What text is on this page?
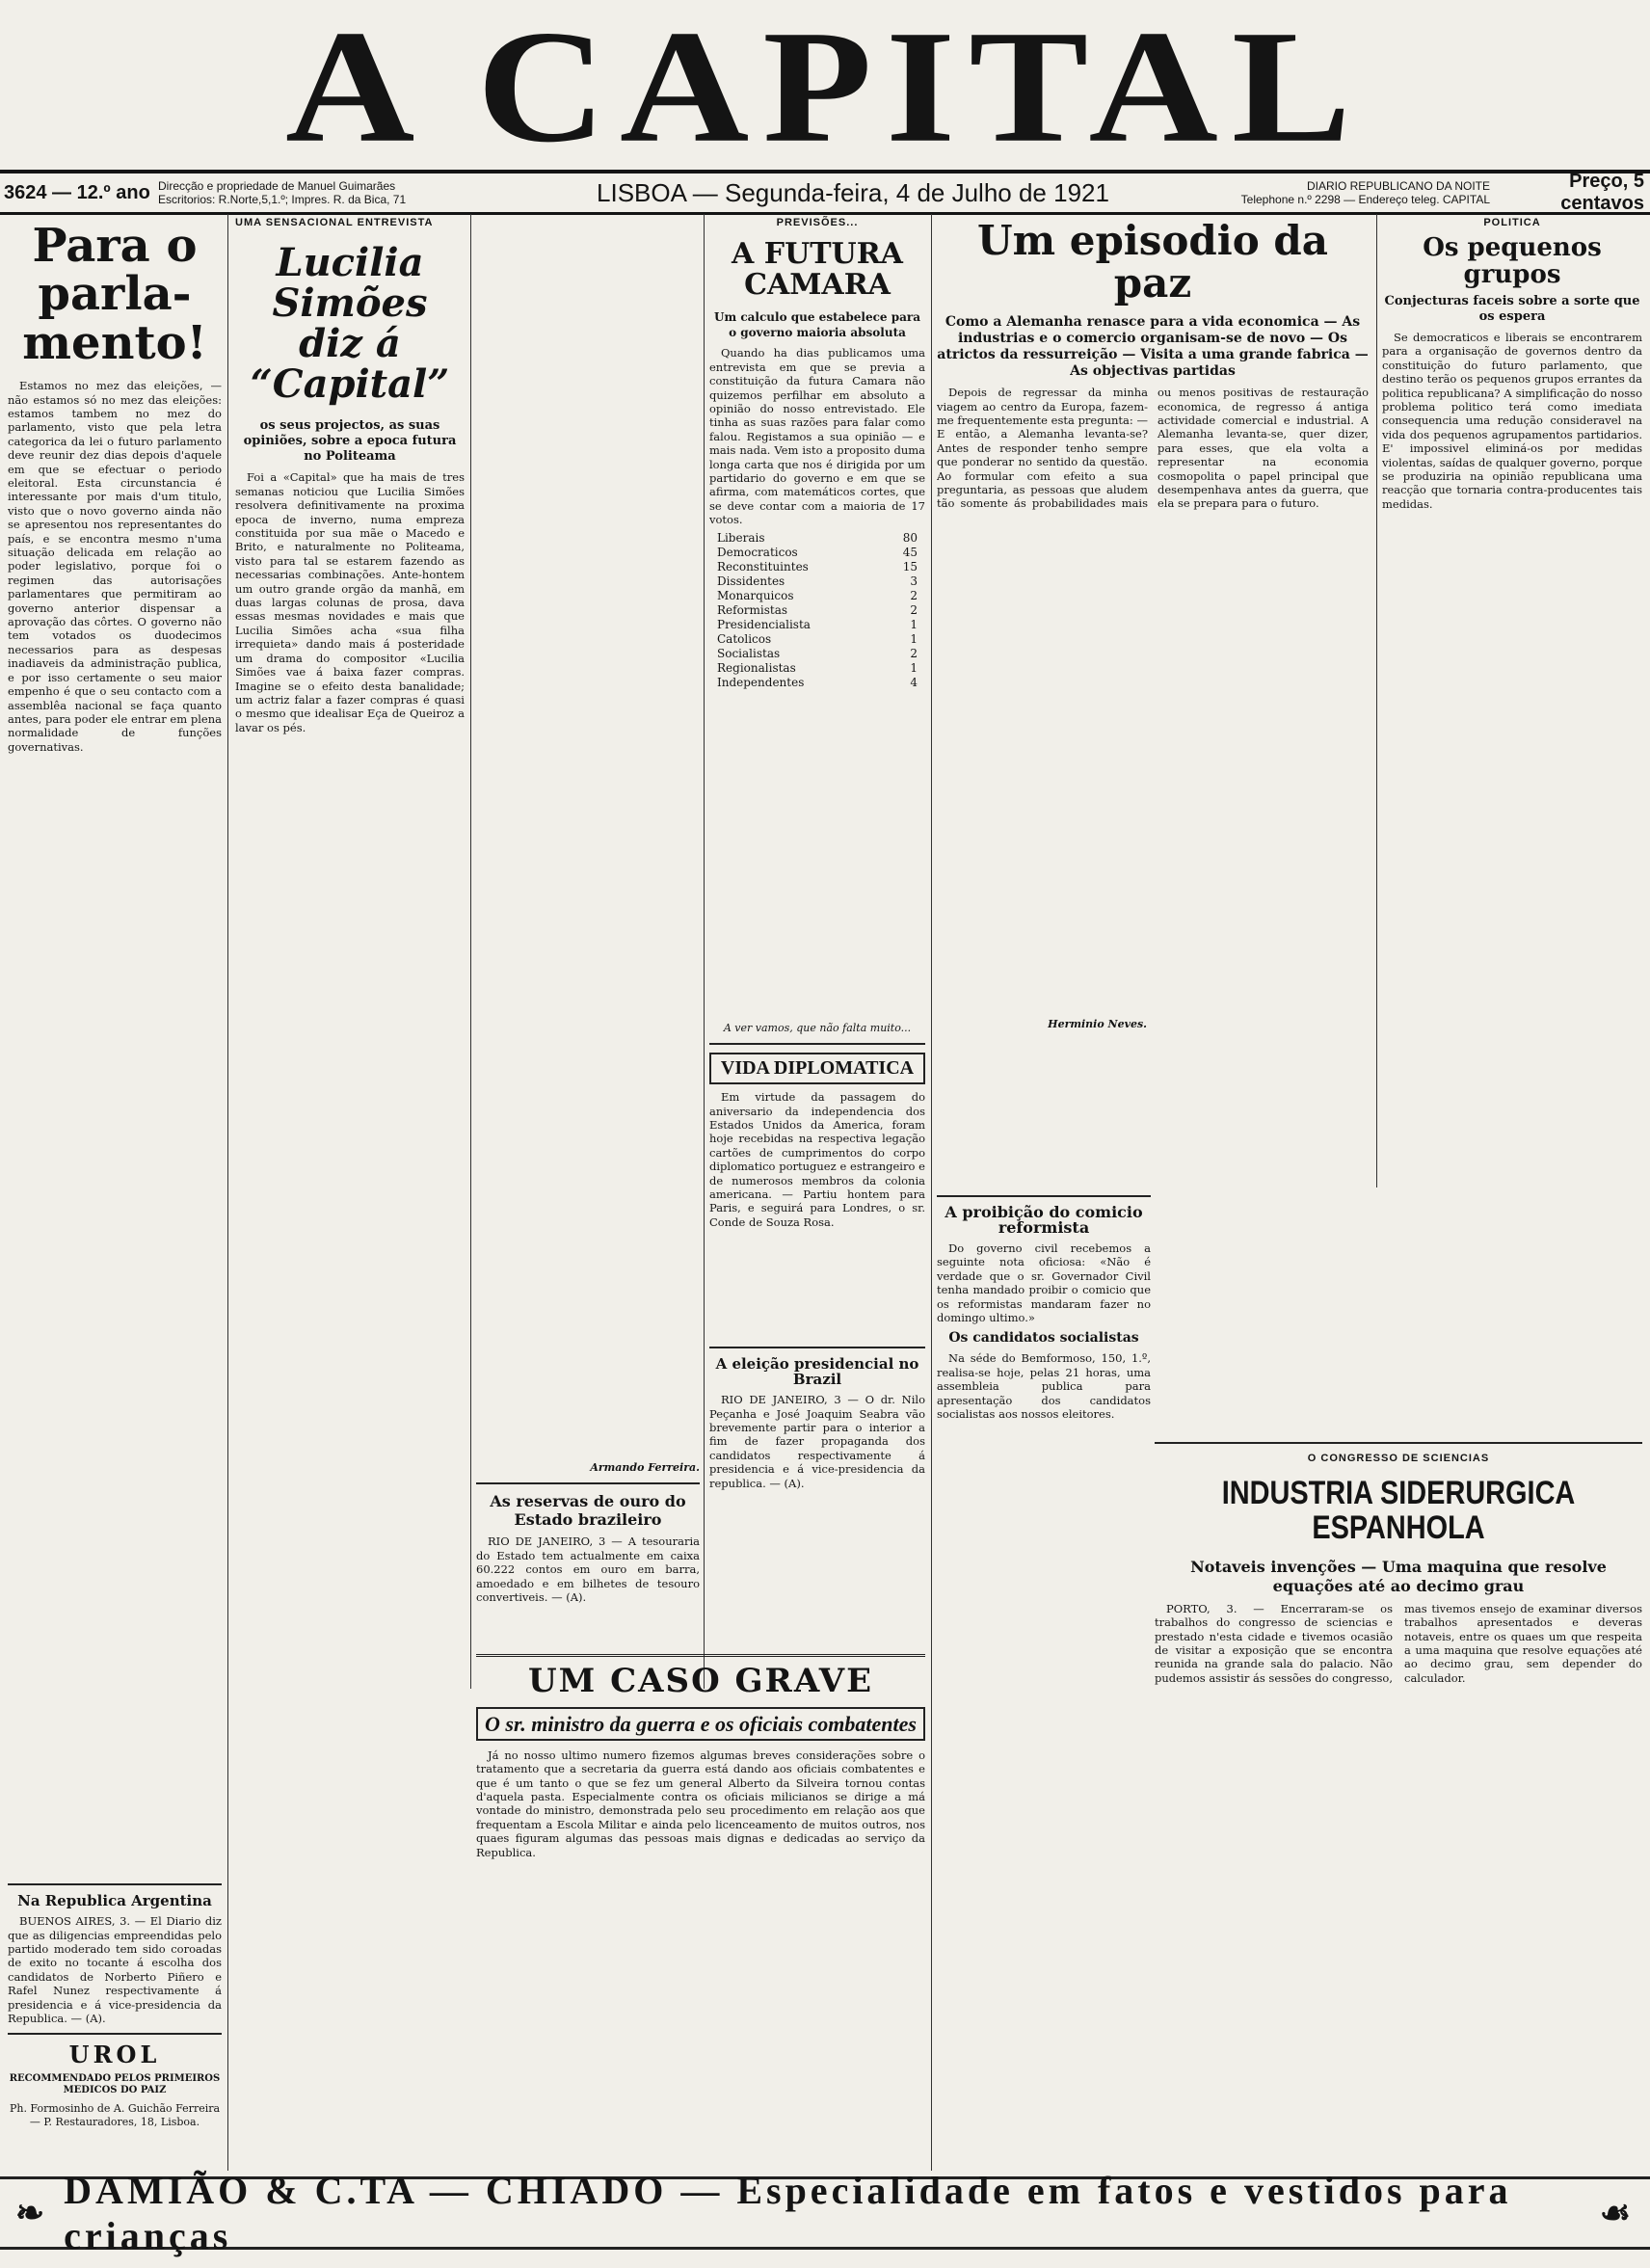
A CAPITAL
3624 — 12.º ano Direcção e propriedade de Manuel Guimarães
Escritorios: R.Norte,5,1.º; Impres. R. da Bica, 71	LISBOA — Segunda-feira, 4 de Julho de 1921	DIARIO REPUBLICANO DA NOITE
Telephone n.º 2298 — Endereço teleg. CAPITAL
Preço, 5 centavos
Para o parla-mento!

Estamos no mez das eleições, — não estamos só no mez das eleições: estamos tambem no mez do parlamento, visto que pela letra categorica da lei o futuro parlamento deve reunir dez dias depois d'aquele em que se efectuar o periodo eleitoral. Esta circunstancia é interessante por mais d'um titulo, visto que o novo governo ainda não se apresentou nos representantes do país, e se encontra mesmo n'uma situação delicada em relação ao poder legislativo, porque foi o regimen das autorisações parlamentares que permitiram ao governo anterior dispensar a aprovação das côrtes. O governo não tem votados os duodecimos necessarios para as despesas inadiaveis da administração publica, e por isso certamente o seu maior empenho é que o seu contacto com a assemblêa nacional se faça quanto antes, para poder ele entrar em plena normalidade de funções governativas.

Na Republica Argentina

BUENOS AIRES, 3. — El Diario diz que as diligencias empreendidas pelo partido moderado tem sido coroadas de exito no tocante á escolha dos candidatos de Norberto Piñero e Rafel Nunez respectivamente á presidencia e á vice-presidencia da Republica. — (A).

UROL
RECOMMENDADO PELOS PRIMEIROS MEDICOS DO PAIZ
Ph. Formosinho de A. Guichão Ferreira — P. Restauradores, 18, Lisboa.
UMA SENSACIONAL ENTREVISTA
Lucilia Simões diz á “Capital”
os seus projectos, as suas opiniões, sobre a epoca futura no Politeama

Foi a «Capital» que ha mais de tres semanas noticiou que Lucilia Simões resolvera definitivamente na proxima epoca de inverno, numa empreza constituida por sua mãe o Macedo e Brito, e naturalmente no Politeama, visto para tal se estarem fazendo as necessarias combinações. Ante-hontem um outro grande orgão da manhã, em duas largas colunas de prosa, dava essas mesmas novidades e mais que Lucilia Simões acha «sua filha irrequieta» dando mais á posteridade um drama do compositor «Lucilia Simões vae á baixa fazer compras. Imagine se o efeito desta banalidade; um actriz falar a fazer compras é quasi o mesmo que idealisar Eça de Queiroz a lavar os pés.

Armando Ferreira.
As reservas de ouro do Estado brazileiro

RIO DE JANEIRO, 3 — A tesouraria do Estado tem actualmente em caixa 60.222 contos em ouro em barra, amoedado e em bilhetes de tesouro convertiveis. — (A).

PREVISÕES...
A FUTURA CAMARA
Um calculo que estabelece para o governo maioria absoluta

Quando ha dias publicamos uma entrevista em que se previa a constituição da futura Camara não quizemos perfilhar em absoluto a opinião do nosso entrevistado. Ele tinha as suas razões para falar como falou. Registamos a sua opinião — e mais nada. Vem isto a proposito duma longa carta que nos é dirigida por um partidario do governo e em que se afirma, com matemáticos cortes, que se deve contar com a maioria de 17 votos.

Liberais	80
Democraticos	45
Reconstituintes	15
Dissidentes	3
Monarquicos	2
Reformistas	2
Presidencialista	1
Catolicos	1
Socialistas	2
Regionalistas	1
Independentes	4
A ver vamos, que não falta muito...
VIDA DIPLOMATICA

Em virtude da passagem do aniversario da independencia dos Estados Unidos da America, foram hoje recebidas na respectiva legação cartões de cumprimentos do corpo diplomatico portuguez e estrangeiro e de numerosos membros da colonia americana. — Partiu hontem para Paris, e seguirá para Londres, o sr. Conde de Souza Rosa.

A eleição presidencial no Brazil

RIO DE JANEIRO, 3 — O dr. Nilo Peçanha e José Joaquim Seabra vão brevemente partir para o interior a fim de fazer propaganda dos candidatos respectivamente á presidencia e á vice-presidencia da republica. — (A).

UM CASO GRAVE
O sr. ministro da guerra e os oficiais combatentes

Já no nosso ultimo numero fizemos algumas breves considerações sobre o tratamento que a secretaria da guerra está dando aos oficiais combatentes e que é um tanto o que se fez um general Alberto da Silveira tornou contas d'aquela pasta. Especialmente contra os oficiais milicianos se dirige a má vontade do ministro, demonstrada pelo seu procedimento em relação aos que frequentam a Escola Militar e ainda pelo licenceamento de muitos outros, nos quaes figuram algumas das pessoas mais dignas e dedicadas ao serviço da Republica.

Um episodio da paz
Como a Alemanha renasce para a vida economica — As industrias e o comercio organisam-se de novo — Os atrictos da ressurreição — Visita a uma grande fabrica — As objectivas partidas

Depois de regressar da minha viagem ao centro da Europa, fazem-me frequentemente esta pregunta: — E então, a Alemanha levanta-se? Antes de responder tenho sempre que ponderar no sentido da questão. Ao formular com efeito a sua preguntaria, as pessoas que aludem tão somente ás probabilidades mais ou menos positivas de restauração economica, de regresso á antiga actividade comercial e industrial. A Alemanha levanta-se, quer dizer, para esses, que ela volta a representar na economia cosmopolita o papel principal que desempenhava antes da guerra, que ela se prepara para o futuro.

Herminio Neves.
A proibição do comicio reformista

Do governo civil recebemos a seguinte nota oficiosa: «Não é verdade que o sr. Governador Civil tenha mandado proibir o comicio que os reformistas mandaram fazer no domingo ultimo.»

Os candidatos socialistas

Na séde do Bemformoso, 150, 1.º, realisa-se hoje, pelas 21 horas, uma assembleia publica para apresentação dos candidatos socialistas aos nossos eleitores.

POLITICA
Os pequenos grupos
Conjecturas faceis sobre a sorte que os espera

Se democraticos e liberais se encontrarem para a organisação de governos dentro da constituição do futuro parlamento, que destino terão os pequenos grupos errantes da politica republicana? A simplificação do nosso problema politico terá como imediata consequencia uma redução consideravel na vida dos pequenos agrupamentos partidarios. E' impossivel eliminá-os por medidas violentas, saídas de qualquer governo, porque se produziria na opinião republicana uma reacção que tornaria contra-producentes tais medidas.

O CONGRESSO DE SCIENCIAS
INDUSTRIA SIDERURGICA ESPANHOLA
Notaveis invenções — Uma maquina que resolve equações até ao decimo grau

PORTO, 3. — Encerraram-se os trabalhos do congresso de sciencias e prestado n'esta cidade e tivemos ocasião de visitar a exposição que se encontra reunida na grande sala do palacio. Não pudemos assistir ás sessões do congresso, mas tivemos ensejo de examinar diversos trabalhos apresentados e deveras notaveis, entre os quaes um que respeita a uma maquina que resolve equações até ao decimo grau, sem depender do calculador.

❧
DAMIÃO & C.TA — CHIADO — Especialidade em fatos e vestidos para crianças
☙
